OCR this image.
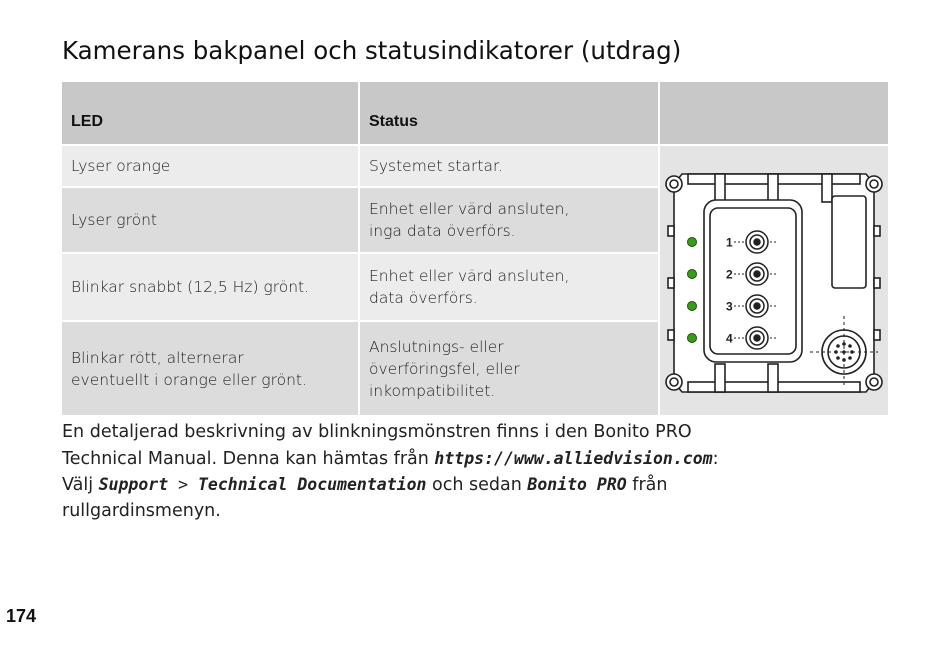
Kamerans bakpanel och statusindikatorer (utdrag)
LED	Status
Lyser orange	Systemet startar.
Lyser grönt
Enhet eller värd ansluten,
inga data överförs.
Blinkar snabbt (12,5 Hz) grönt.
Enhet eller värd ansluten,
data överförs.
Blinkar rött, alternerar
eventuellt i orange eller grönt.
Anslutnings- eller
överföringsfel, eller
inkompatibilitet.
1
2
3
4
En detaljerad beskrivning av blinkningsmönstren finns i den Bonito PRO
Technical Manual. Denna kan hämtas från https://www.alliedvision.com:
Välj Support > Technical Documentation och sedan Bonito PRO från
rullgardinsmenyn.
174
